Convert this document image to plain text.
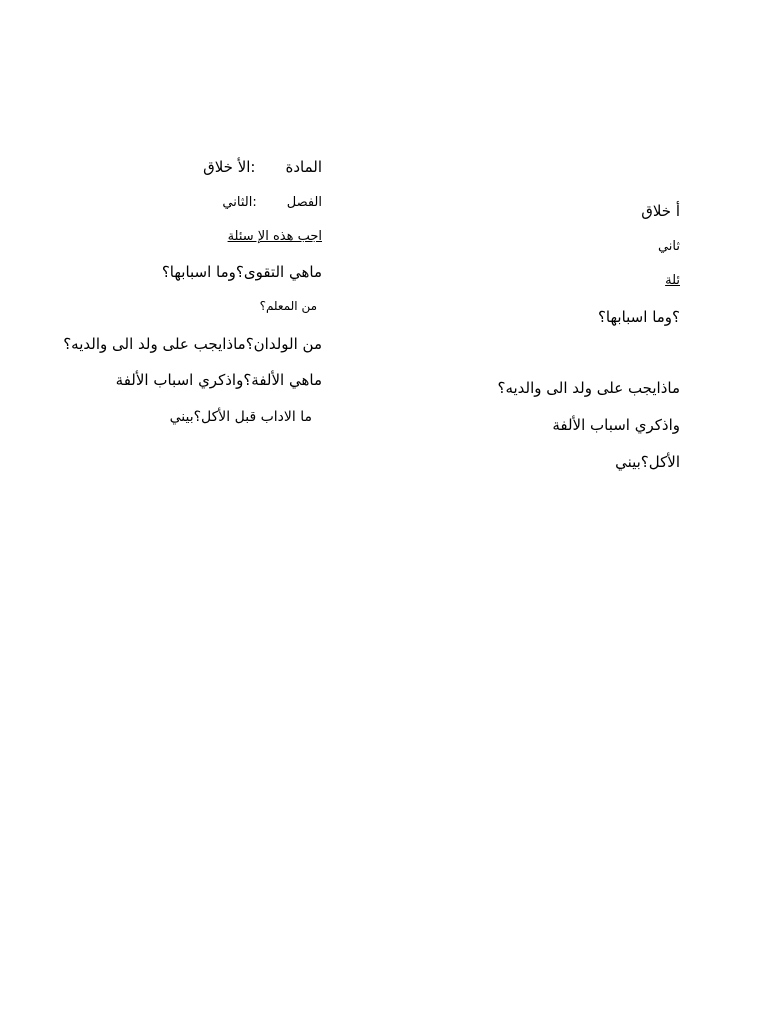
المادة:الأ خلاق
الفصل:الثاني
اجب هذه الإ سئلة
ماهي التقوى؟وما اسبابها؟
من المعلم؟
من الولدان؟ماذايجب على ولد الى والديه؟
ماهي الألفة؟واذكري اسباب الألفة
ما الاداب قبل الأكل؟بيني
أ خلاق
ثاني
ئلة
؟وما اسبابها؟
ماذايجب على ولد الى والديه؟
واذكري اسباب الألفة
الأكل؟بيني
